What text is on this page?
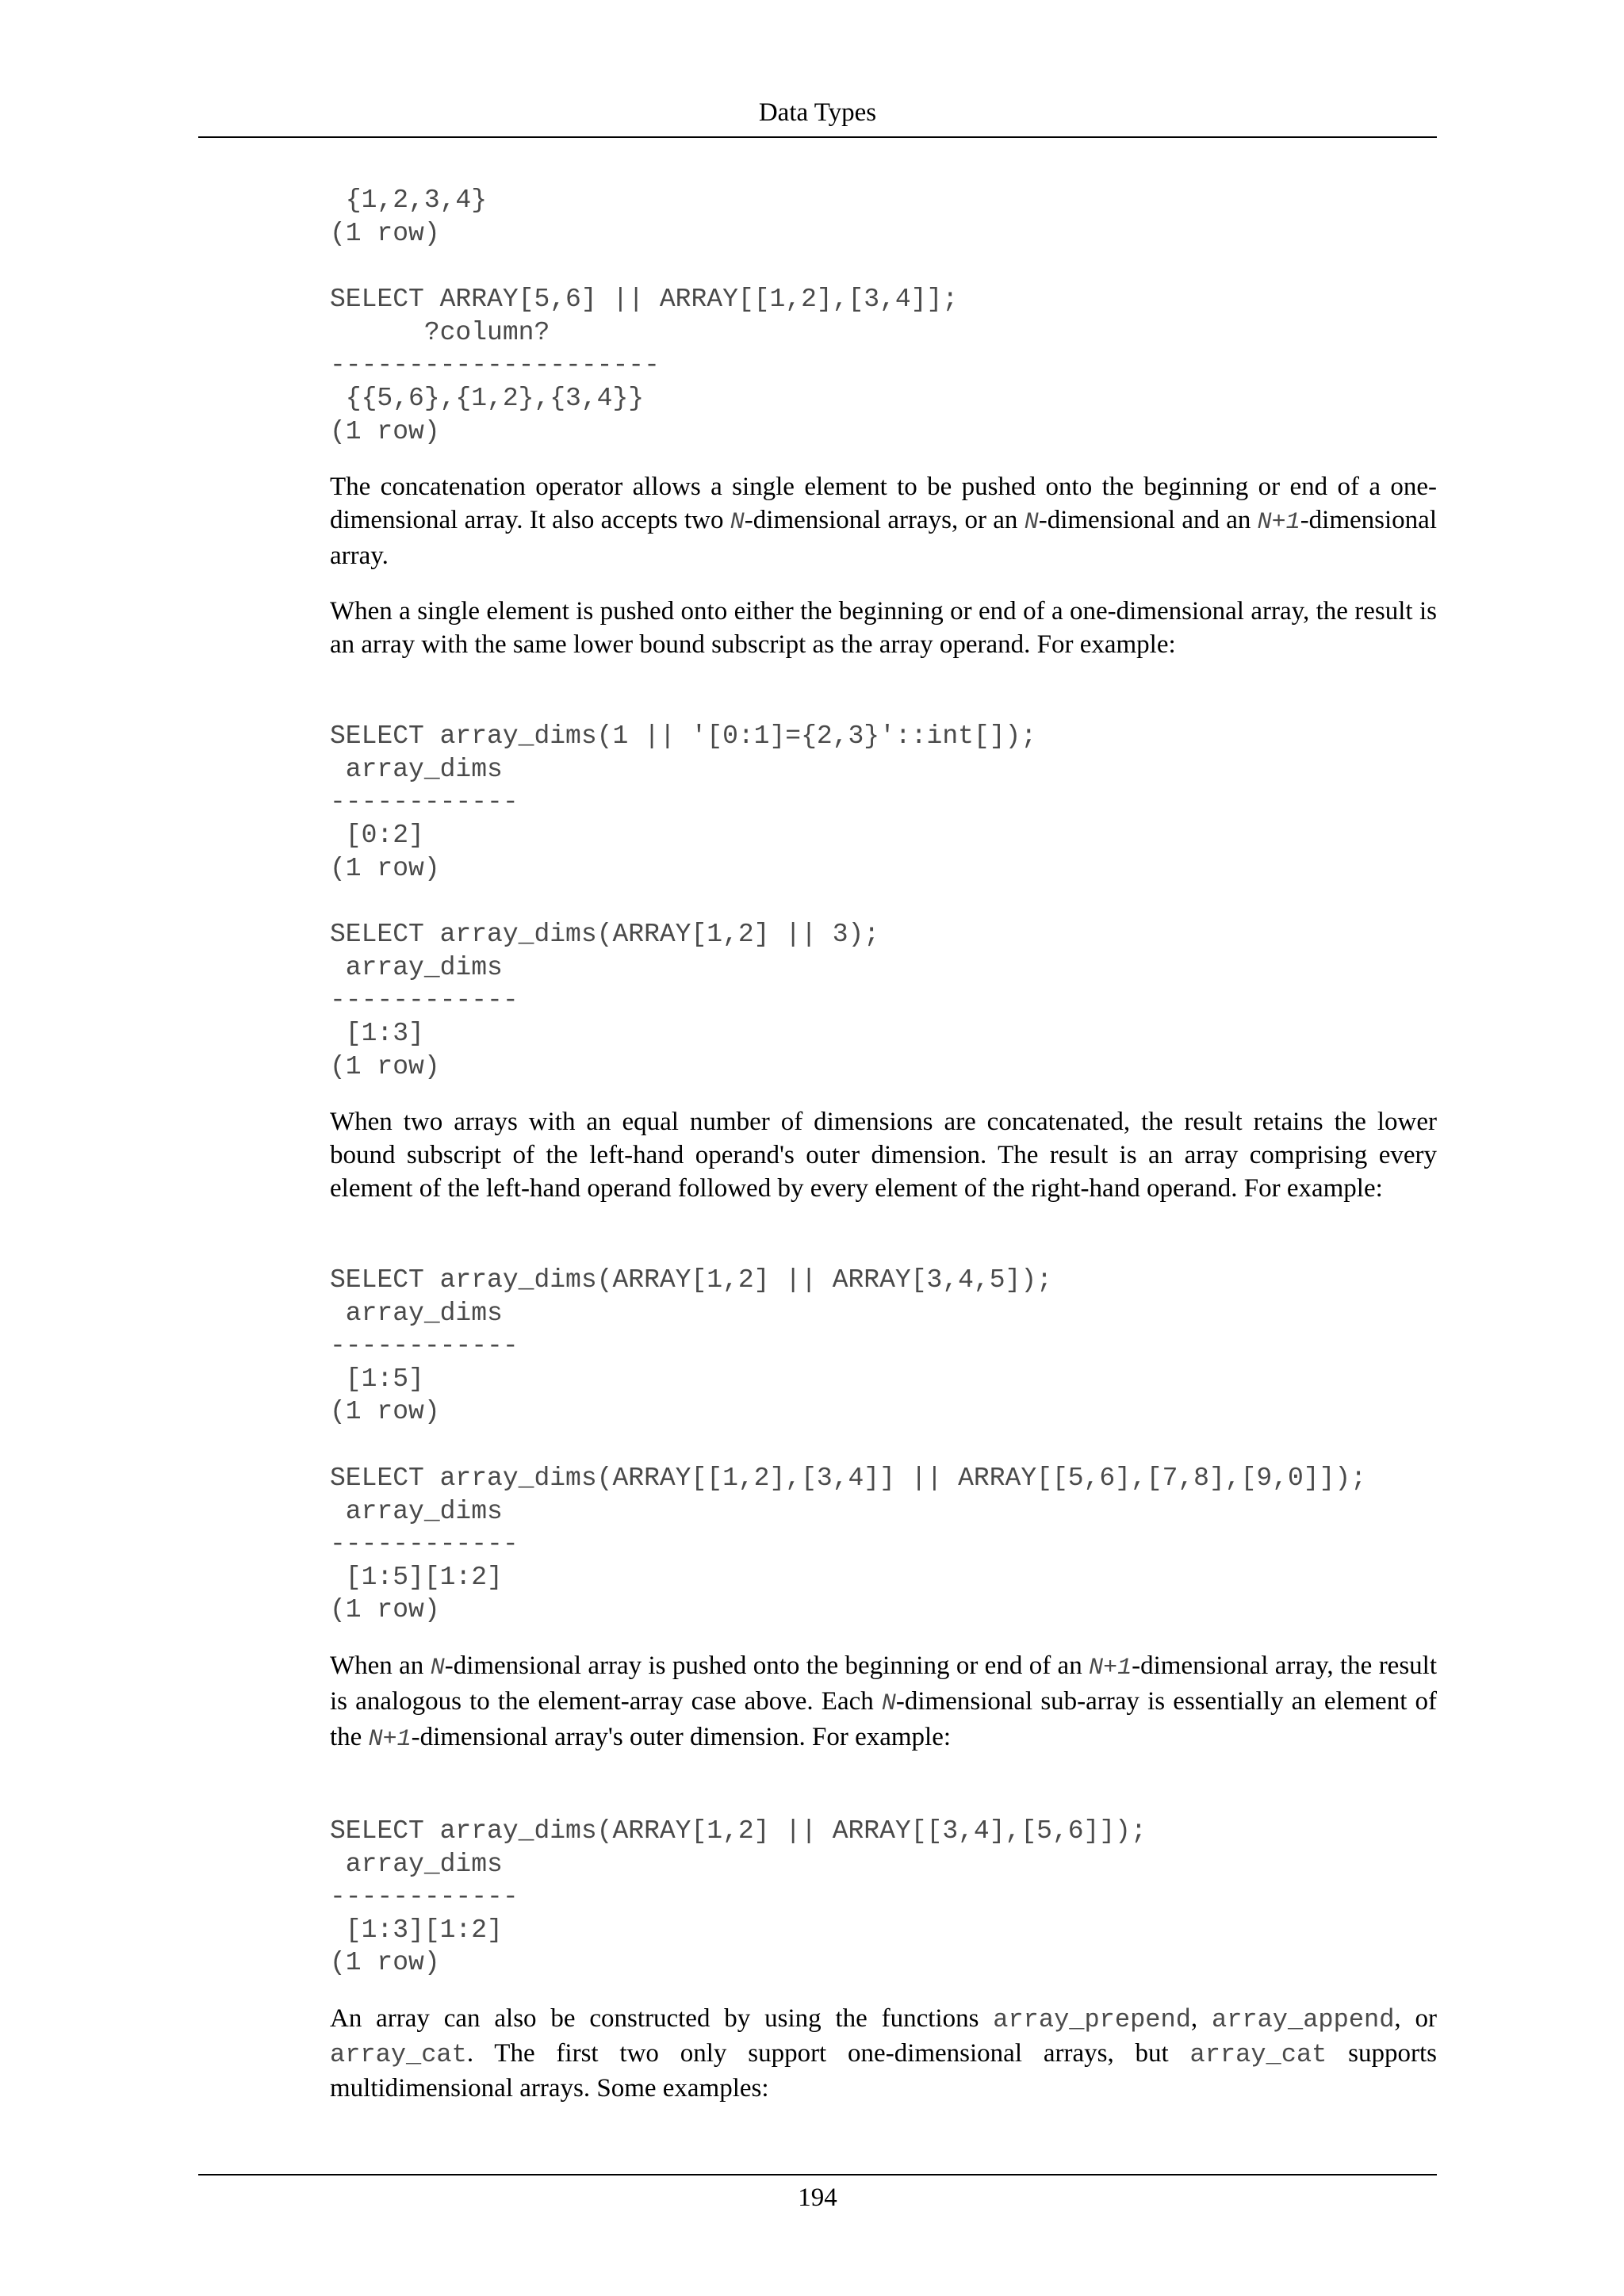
Data Types
{1,2,3,4}
(1 row)
SELECT ARRAY[5,6] || ARRAY[[1,2],[3,4]];
?column?
---------------------
{{5,6},{1,2},{3,4}}
(1 row)

The concatenation operator allows a single element to be pushed onto the beginning or end of a one-dimensional array. It also accepts two N-dimensional arrays, or an N-dimensional and an N+1-dimensional array.

When a single element is pushed onto either the beginning or end of a one-dimensional array, the result is an array with the same lower bound subscript as the array operand. For example:

SELECT array_dims(1 || '[0:1]={2,3}'::int[]);
array_dims
------------
[0:2]
(1 row)
SELECT array_dims(ARRAY[1,2] || 3);
array_dims
------------
[1:3]
(1 row)

When two arrays with an equal number of dimensions are concatenated, the result retains the lower bound subscript of the left-hand operand's outer dimension. The result is an array comprising every element of the left-hand operand followed by every element of the right-hand operand. For example:

SELECT array_dims(ARRAY[1,2] || ARRAY[3,4,5]);
array_dims
------------
[1:5]
(1 row)
SELECT array_dims(ARRAY[[1,2],[3,4]] || ARRAY[[5,6],[7,8],[9,0]]);
array_dims
------------
[1:5][1:2]
(1 row)

When an N-dimensional array is pushed onto the beginning or end of an N+1-dimensional array, the result is analogous to the element-array case above. Each N-dimensional sub-array is essentially an element of the N+1-dimensional array's outer dimension. For example:

SELECT array_dims(ARRAY[1,2] || ARRAY[[3,4],[5,6]]);
array_dims
------------
[1:3][1:2]
(1 row)

An array can also be constructed by using the functions array_prepend, array_append, or array_cat. The first two only support one-dimensional arrays, but array_cat supports multidimensional arrays. Some examples:

194
